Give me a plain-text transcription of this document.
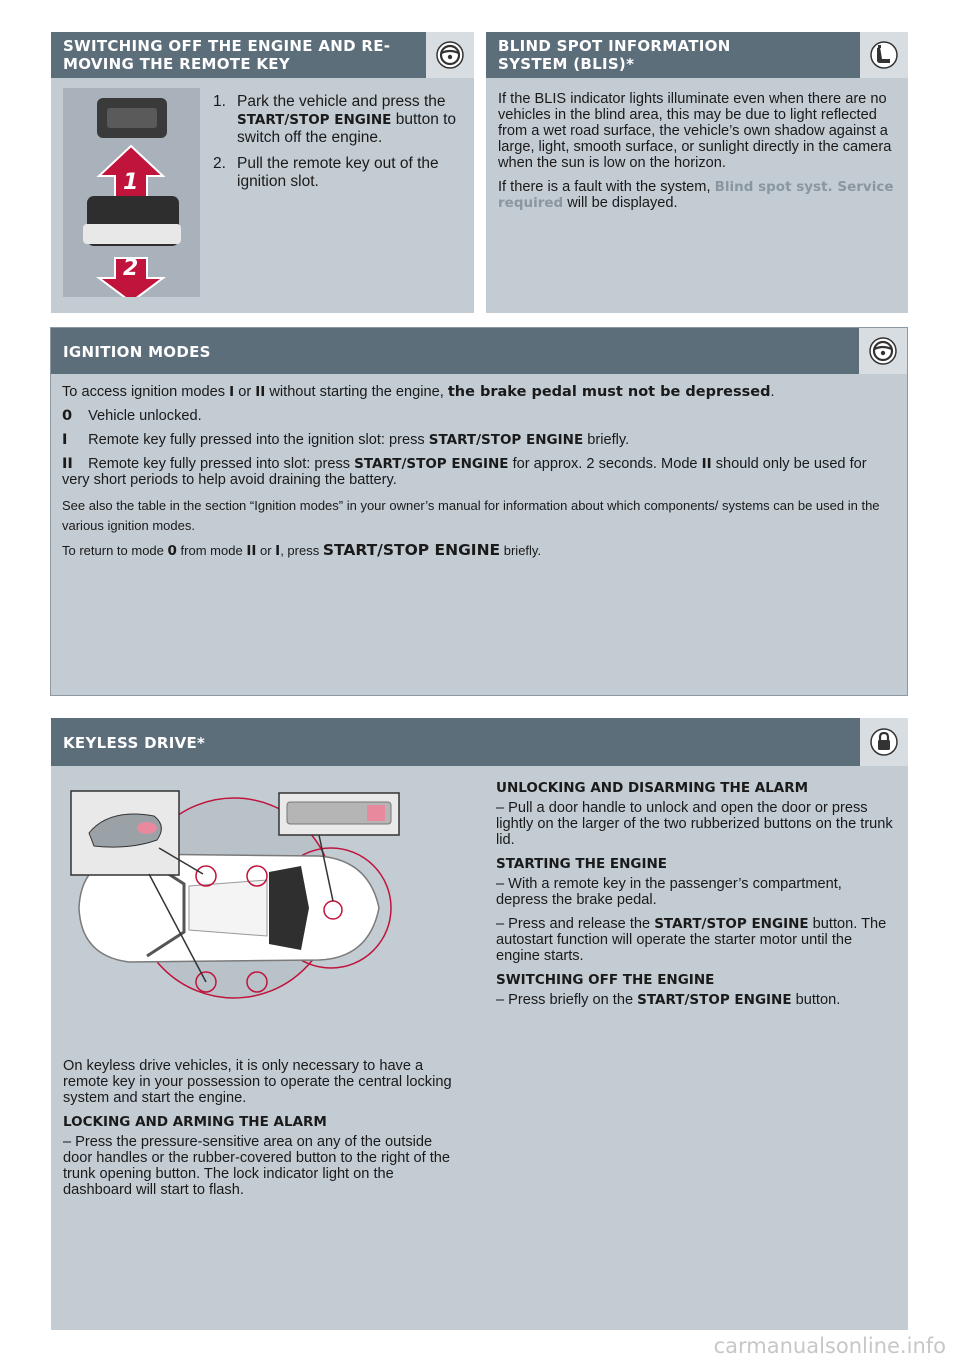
SWITCHING OFF THE ENGINE AND RE-
MOVING THE REMOTE KEY
1
2
1. Park the vehicle and press the START/STOP ENGINE button to switch off the engine.
2. Pull the remote key out of the ignition slot.
BLIND SPOT INFORMATION
SYSTEM (BLIS)*

If the BLIS indicator lights illuminate even when there are no vehicles in the blind area, this may be due to light reflected from a wet road surface, the vehicle’s own shadow against a large, light, smooth surface, or sunlight directly in the camera when the sun is low on the horizon.

If there is a fault with the system, Blind spot syst. Service required will be displayed.

IGNITION MODES

To access ignition modes I or II without starting the engine, the brake pedal must not be depressed.

0 Vehicle unlocked.

I Remote key fully pressed into the ignition slot: press START/STOP ENGINE briefly.

II Remote key fully pressed into slot: press START/STOP ENGINE for approx. 2 seconds. Mode II should only be used for very short periods to help avoid draining the battery.

See also the table in the section “Ignition modes” in your owner’s manual for information about which components/ systems can be used in the various ignition modes.

To return to mode 0 from mode II or I, press START/STOP ENGINE briefly.

KEYLESS DRIVE*

On keyless drive vehicles, it is only necessary to have a remote key in your possession to operate the central locking system and start the engine.

LOCKING AND ARMING THE ALARM

– Press the pressure-sensitive area on any of the outside door handles or the rubber-covered button to the right of the trunk opening button. The lock indicator light on the dashboard will start to flash.

UNLOCKING AND DISARMING THE ALARM

– Pull a door handle to unlock and open the door or press lightly on the larger of the two rubberized buttons on the trunk lid.

STARTING THE ENGINE

– With a remote key in the passenger’s compartment, depress the brake pedal.

– Press and release the START/STOP ENGINE button. The autostart function will operate the starter motor until the engine starts.

SWITCHING OFF THE ENGINE

– Press briefly on the START/STOP ENGINE button.

carmanualsonline.info
